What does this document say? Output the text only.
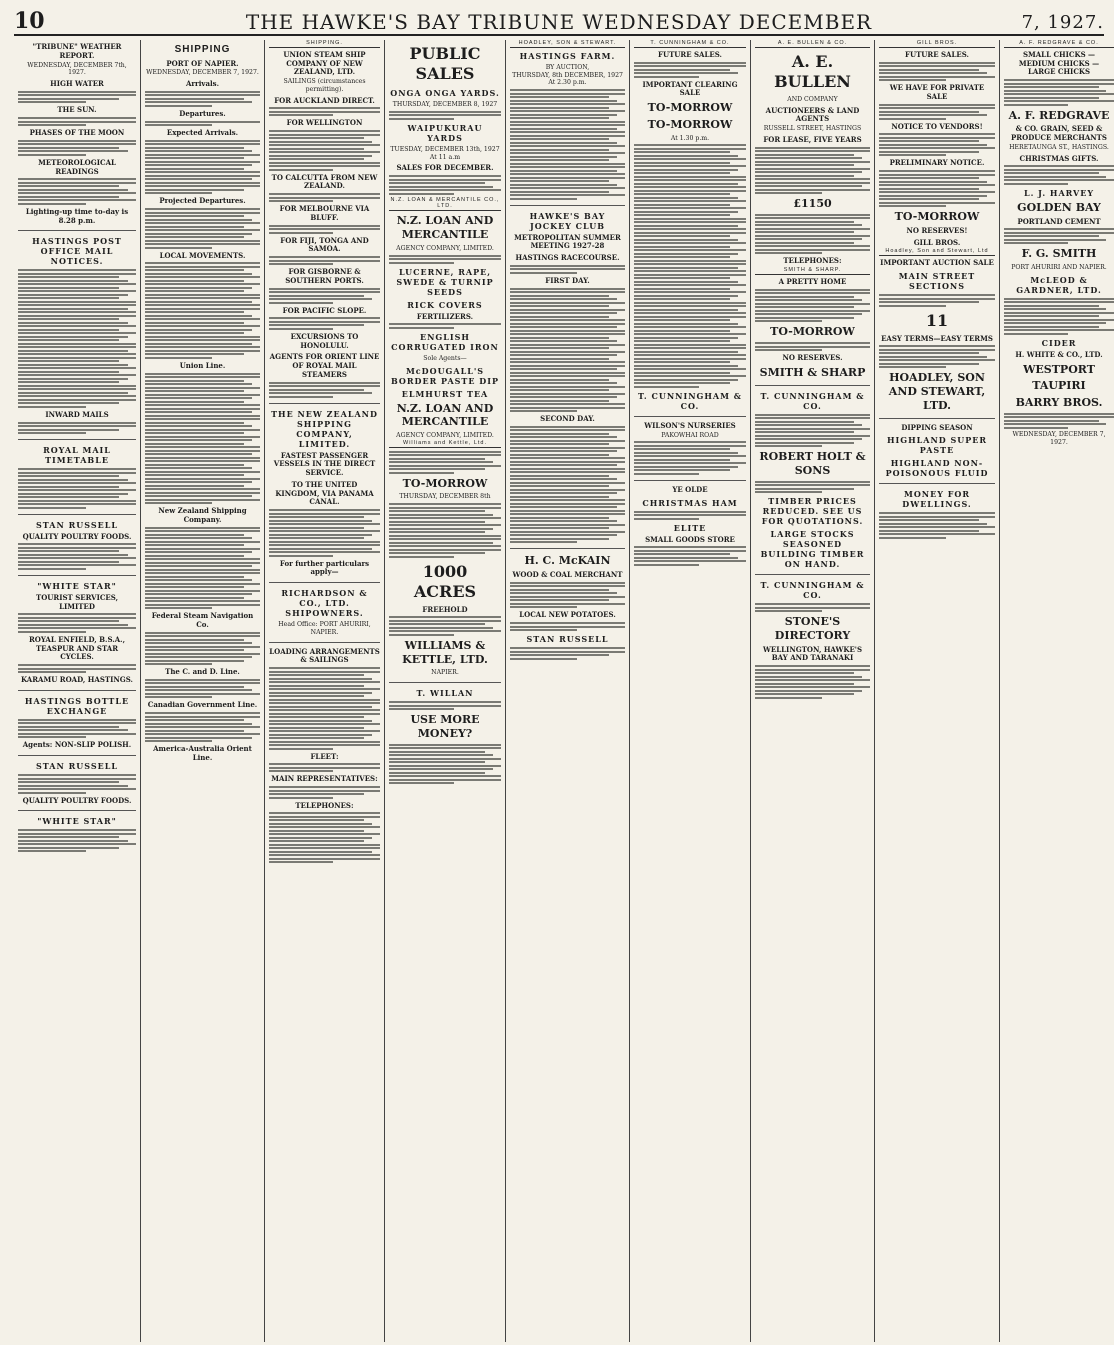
10	THE HAWKE'S BAY TRIBUNE WEDNESDAY DECEMBER	7, 1927.
"TRIBUNE" WEATHER REPORT.
WEDNESDAY, DECEMBER 7th, 1927.
HIGH WATER
THE SUN.
PHASES OF THE MOON
METEOROLOGICAL READINGS
Lighting-up time to-day is 8.28 p.m.
HASTINGS POST OFFICE MAIL NOTICES.
INWARD MAILS
ROYAL MAIL TIMETABLE
STAN RUSSELL
QUALITY POULTRY FOODS.
"WHITE STAR"
TOURIST SERVICES, LIMITED
ROYAL ENFIELD, B.S.A., TEASPUR AND STAR CYCLES.
KARAMU ROAD, HASTINGS.
HASTINGS BOTTLE EXCHANGE
Agents: NON-SLIP POLISH.
STAN RUSSELL
QUALITY POULTRY FOODS.
"WHITE STAR"
SHIPPING
PORT OF NAPIER.
WEDNESDAY, DECEMBER 7, 1927.
Arrivals.
Departures.
Expected Arrivals.
Projected Departures.
LOCAL MOVEMENTS.
Union Line.
New Zealand Shipping Company.
Federal Steam Navigation Co.
The C. and D. Line.
Canadian Government Line.
America-Australia Orient Line.
SHIPPING.
UNION STEAM SHIP COMPANY OF NEW ZEALAND, LTD.
SAILINGS (circumstances permitting).
FOR AUCKLAND DIRECT.
FOR WELLINGTON
TO CALCUTTA FROM NEW ZEALAND.
FOR MELBOURNE VIA BLUFF.
FOR FIJI, TONGA AND SAMOA.
FOR GISBORNE & SOUTHERN PORTS.
FOR PACIFIC SLOPE.
EXCURSIONS TO HONOLULU.
AGENTS FOR ORIENT LINE OF ROYAL MAIL STEAMERS
THE NEW ZEALAND SHIPPING COMPANY, LIMITED.
FASTEST PASSENGER VESSELS IN THE DIRECT SERVICE.
TO THE UNITED KINGDOM, VIA PANAMA CANAL.
For further particulars apply—
RICHARDSON & CO., LTD. SHIPOWNERS.
Head Office: PORT AHURIRI, NAPIER.
LOADING ARRANGEMENTS & SAILINGS
FLEET:
MAIN REPRESENTATIVES:
TELEPHONES:
PUBLIC SALES
ONGA ONGA YARDS.
THURSDAY, DECEMBER 8, 1927
WAIPUKURAU YARDS
TUESDAY, DECEMBER 13th, 1927
At 11 a.m
SALES FOR DECEMBER.
N.Z. LOAN & MERCANTILE CO., LTD.
N.Z. LOAN AND MERCANTILE
AGENCY COMPANY, LIMITED.
LUCERNE, RAPE, SWEDE & TURNIP SEEDS
RICK COVERS
FERTILIZERS.
ENGLISH CORRUGATED IRON
Sole Agents—
McDOUGALL'S BORDER PASTE DIP
ELMHURST TEA
N.Z. LOAN AND MERCANTILE
AGENCY COMPANY, LIMITED.
Williams and Kettle, Ltd.
TO-MORROW
THURSDAY, DECEMBER 8th
1000 ACRES
FREEHOLD
WILLIAMS & KETTLE, LTD.
NAPIER.
T. WILLAN
USE MORE MONEY?
HOADLEY, SON & STEWART.
HASTINGS FARM.
BY AUCTION,
THURSDAY, 8th DECEMBER, 1927
At 2.30 p.m.
HAWKE'S BAY JOCKEY CLUB
METROPOLITAN SUMMER MEETING 1927-28
HASTINGS RACECOURSE.
FIRST DAY.
SECOND DAY.
H. C. McKAIN
WOOD & COAL MERCHANT
LOCAL NEW POTATOES.
STAN RUSSELL
T. CUNNINGHAM & CO.
FUTURE SALES.
IMPORTANT CLEARING SALE
TO-MORROW
TO-MORROW
At 1.30 p.m.
T. CUNNINGHAM & CO.
WILSON'S NURSERIES
PAKOWHAI ROAD
YE OLDE
CHRISTMAS HAM
ELITE
SMALL GOODS STORE
A. E. BULLEN & CO.
A. E. BULLEN
AND COMPANY
AUCTIONEERS & LAND AGENTS
RUSSELL STREET, HASTINGS
FOR LEASE, FIVE YEARS
£1150
TELEPHONES:
SMITH & SHARP.
A PRETTY HOME
TO-MORROW
NO RESERVES.
SMITH & SHARP
T. CUNNINGHAM & CO.
ROBERT HOLT & SONS
TIMBER PRICES REDUCED. SEE US FOR QUOTATIONS.
LARGE STOCKS SEASONED BUILDING TIMBER ON HAND.
T. CUNNINGHAM & CO.
STONE'S DIRECTORY
WELLINGTON, HAWKE'S BAY AND TARANAKI
GILL BROS.
FUTURE SALES.
WE HAVE FOR PRIVATE SALE
NOTICE TO VENDORS!
PRELIMINARY NOTICE.
TO-MORROW
NO RESERVES!
GILL BROS.
Hoadley, Son and Stewart, Ltd
IMPORTANT AUCTION SALE
MAIN STREET SECTIONS
11
EASY TERMS—EASY TERMS
HOADLEY, SON AND STEWART, LTD.
DIPPING SEASON
HIGHLAND SUPER PASTE
HIGHLAND NON-POISONOUS FLUID
MONEY FOR DWELLINGS.
A. F. REDGRAVE & CO.
SMALL CHICKS — MEDIUM CHICKS — LARGE CHICKS
A. F. REDGRAVE
& CO. GRAIN, SEED & PRODUCE MERCHANTS
HERETAUNGA ST., HASTINGS.
CHRISTMAS GIFTS.
L. J. HARVEY
GOLDEN BAY
PORTLAND CEMENT
F. G. SMITH
PORT AHURIRI AND NAPIER.
McLEOD & GARDNER, LTD.
CIDER
H. WHITE & CO., LTD.
WESTPORT
TAUPIRI
BARRY BROS.
WEDNESDAY, DECEMBER 7, 1927.
